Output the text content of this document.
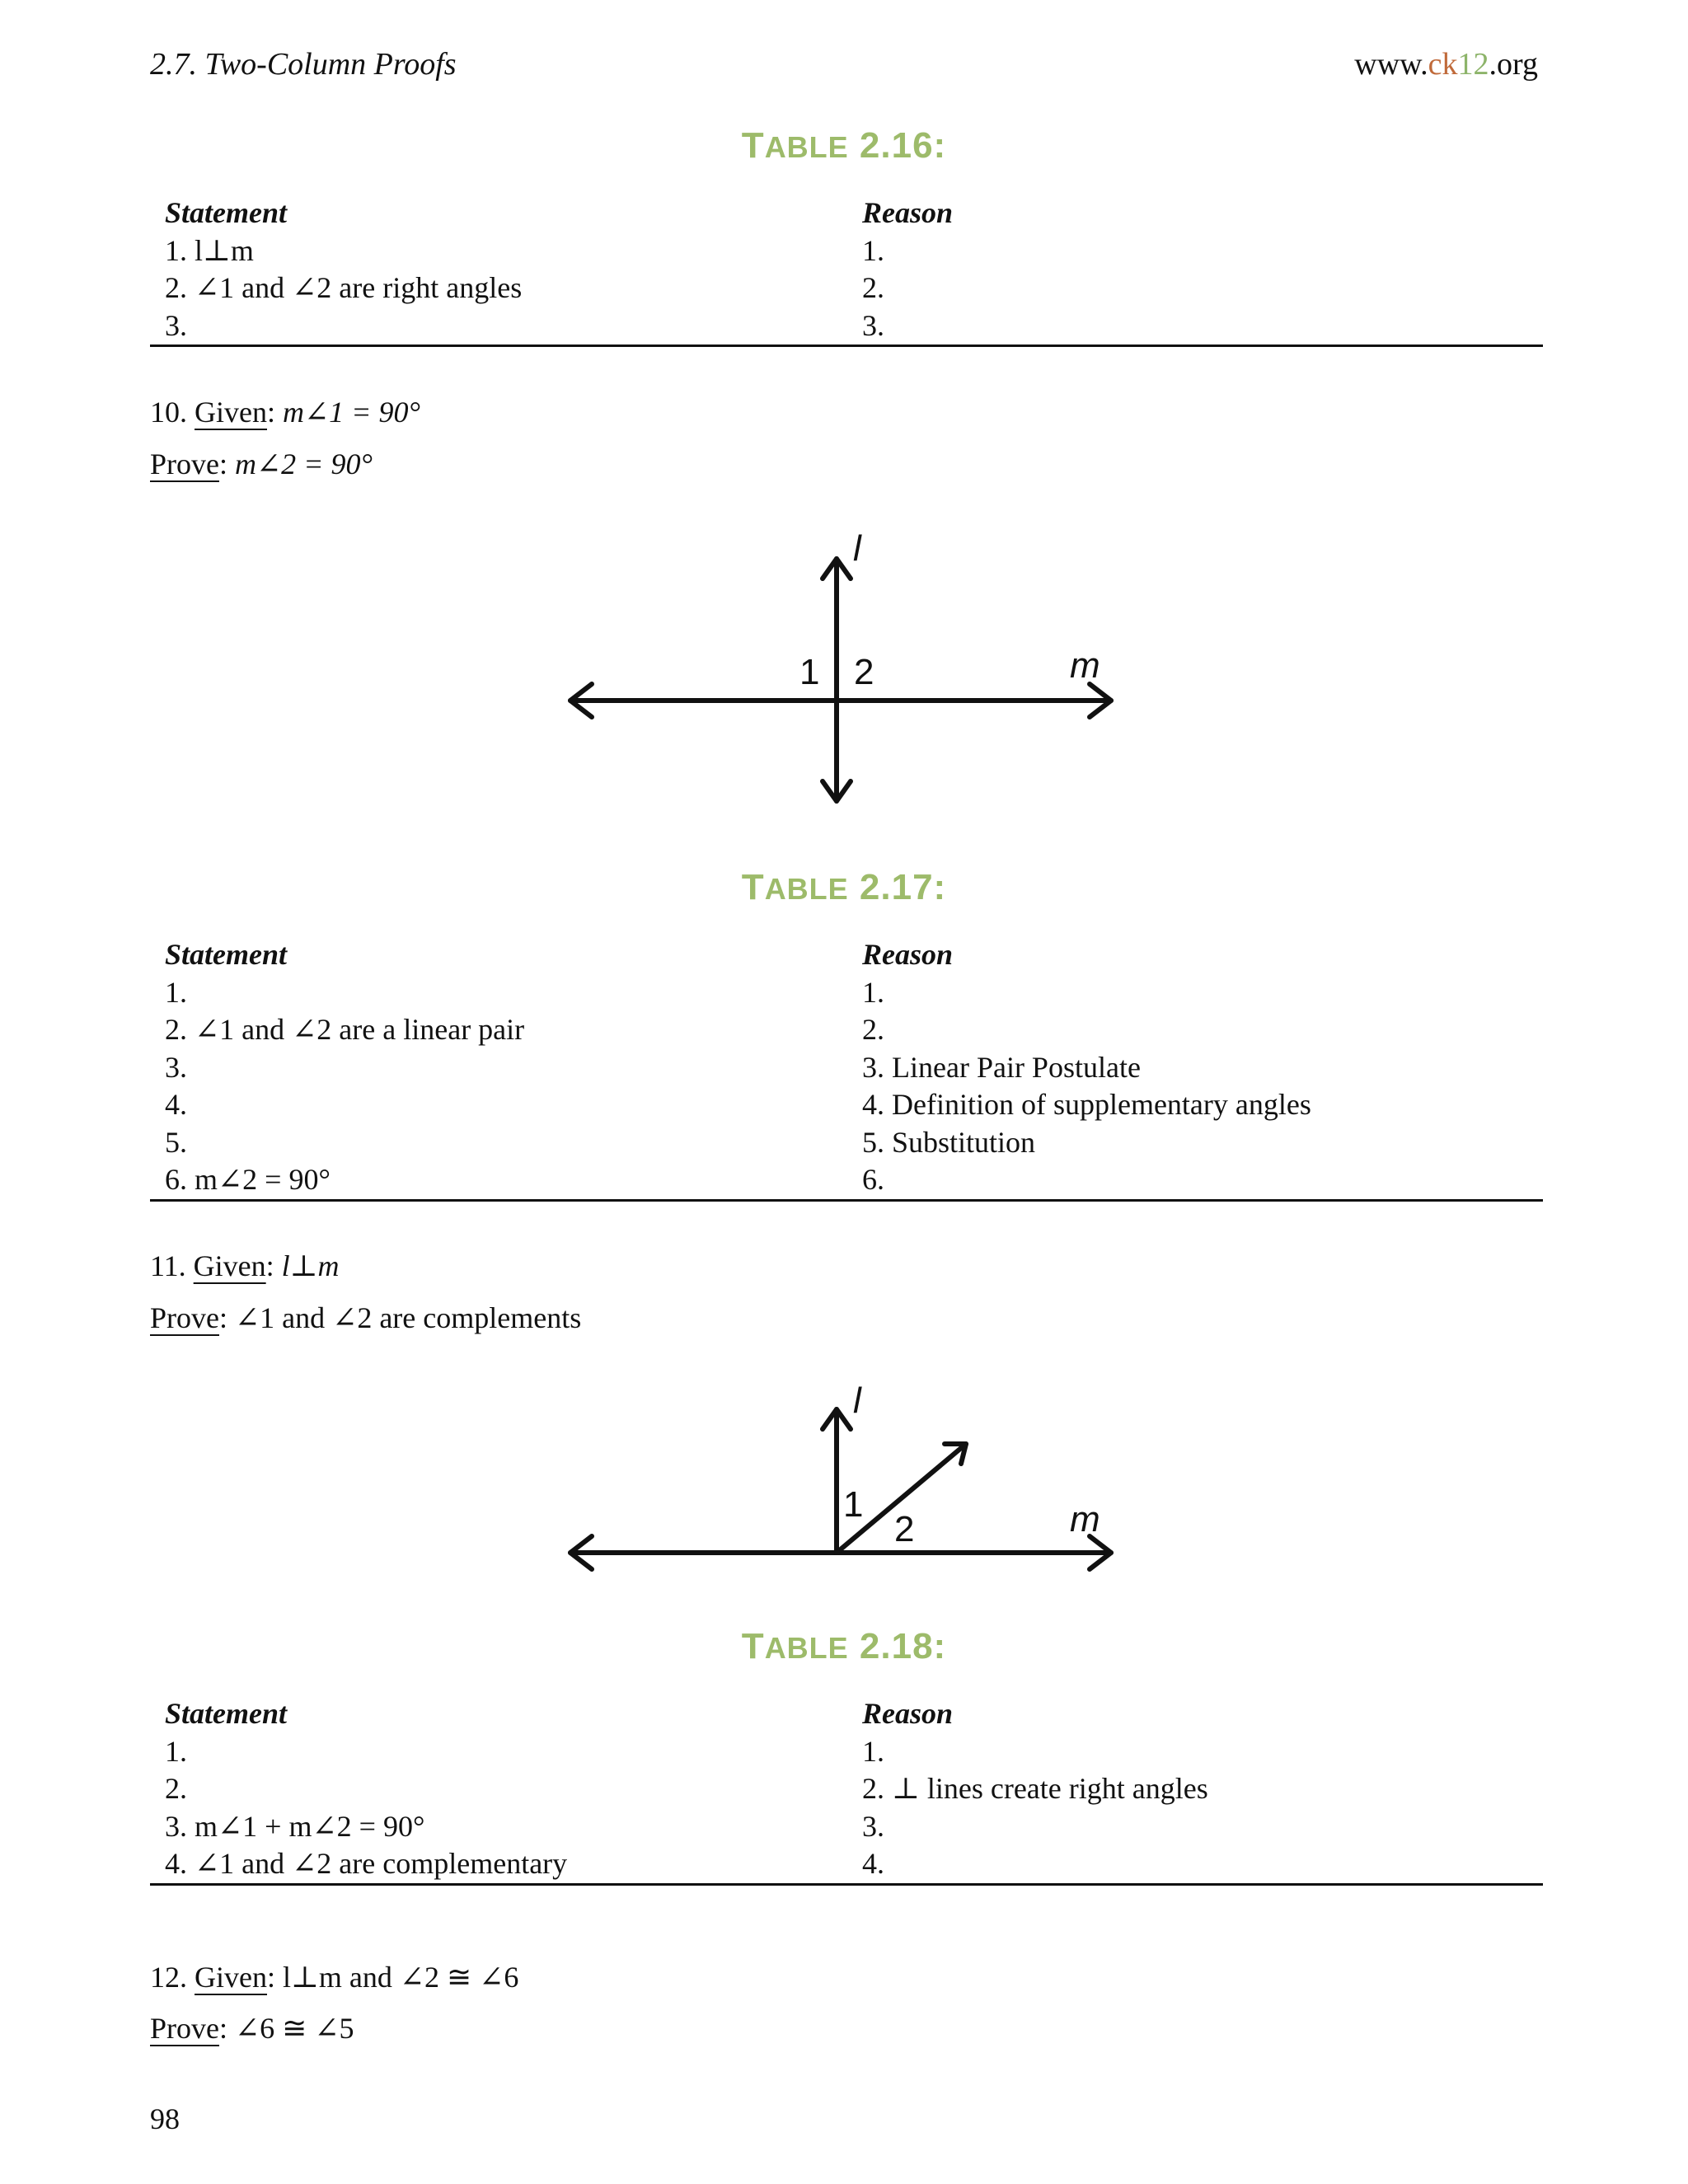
2.7. Two-Column Proofs	www.ck12.org
TABLE 2.16:
Statement	Reason
1. l⊥m	1.
2. ∠1 and ∠2 are right angles	2.
3.	3.
10. Given: m∠1 = 90°
Prove: m∠2 = 90°
l
m
1 2
TABLE 2.17:
Statement	Reason
1.	1.
2. ∠1 and ∠2 are a linear pair	2.
3.	3. Linear Pair Postulate
4.	4. Definition of supplementary angles
5.	5. Substitution
6. m∠2 = 90°	6.
11. Given: l⊥m
Prove: ∠1 and ∠2 are complements
l
m
1
2
TABLE 2.18:
Statement	Reason
1.	1.
2.	2. ⊥ lines create right angles
3. m∠1 + m∠2 = 90°	3.
4. ∠1 and ∠2 are complementary	4.
12. Given: l⊥m and ∠2 ≅ ∠6
Prove: ∠6 ≅ ∠5
98
